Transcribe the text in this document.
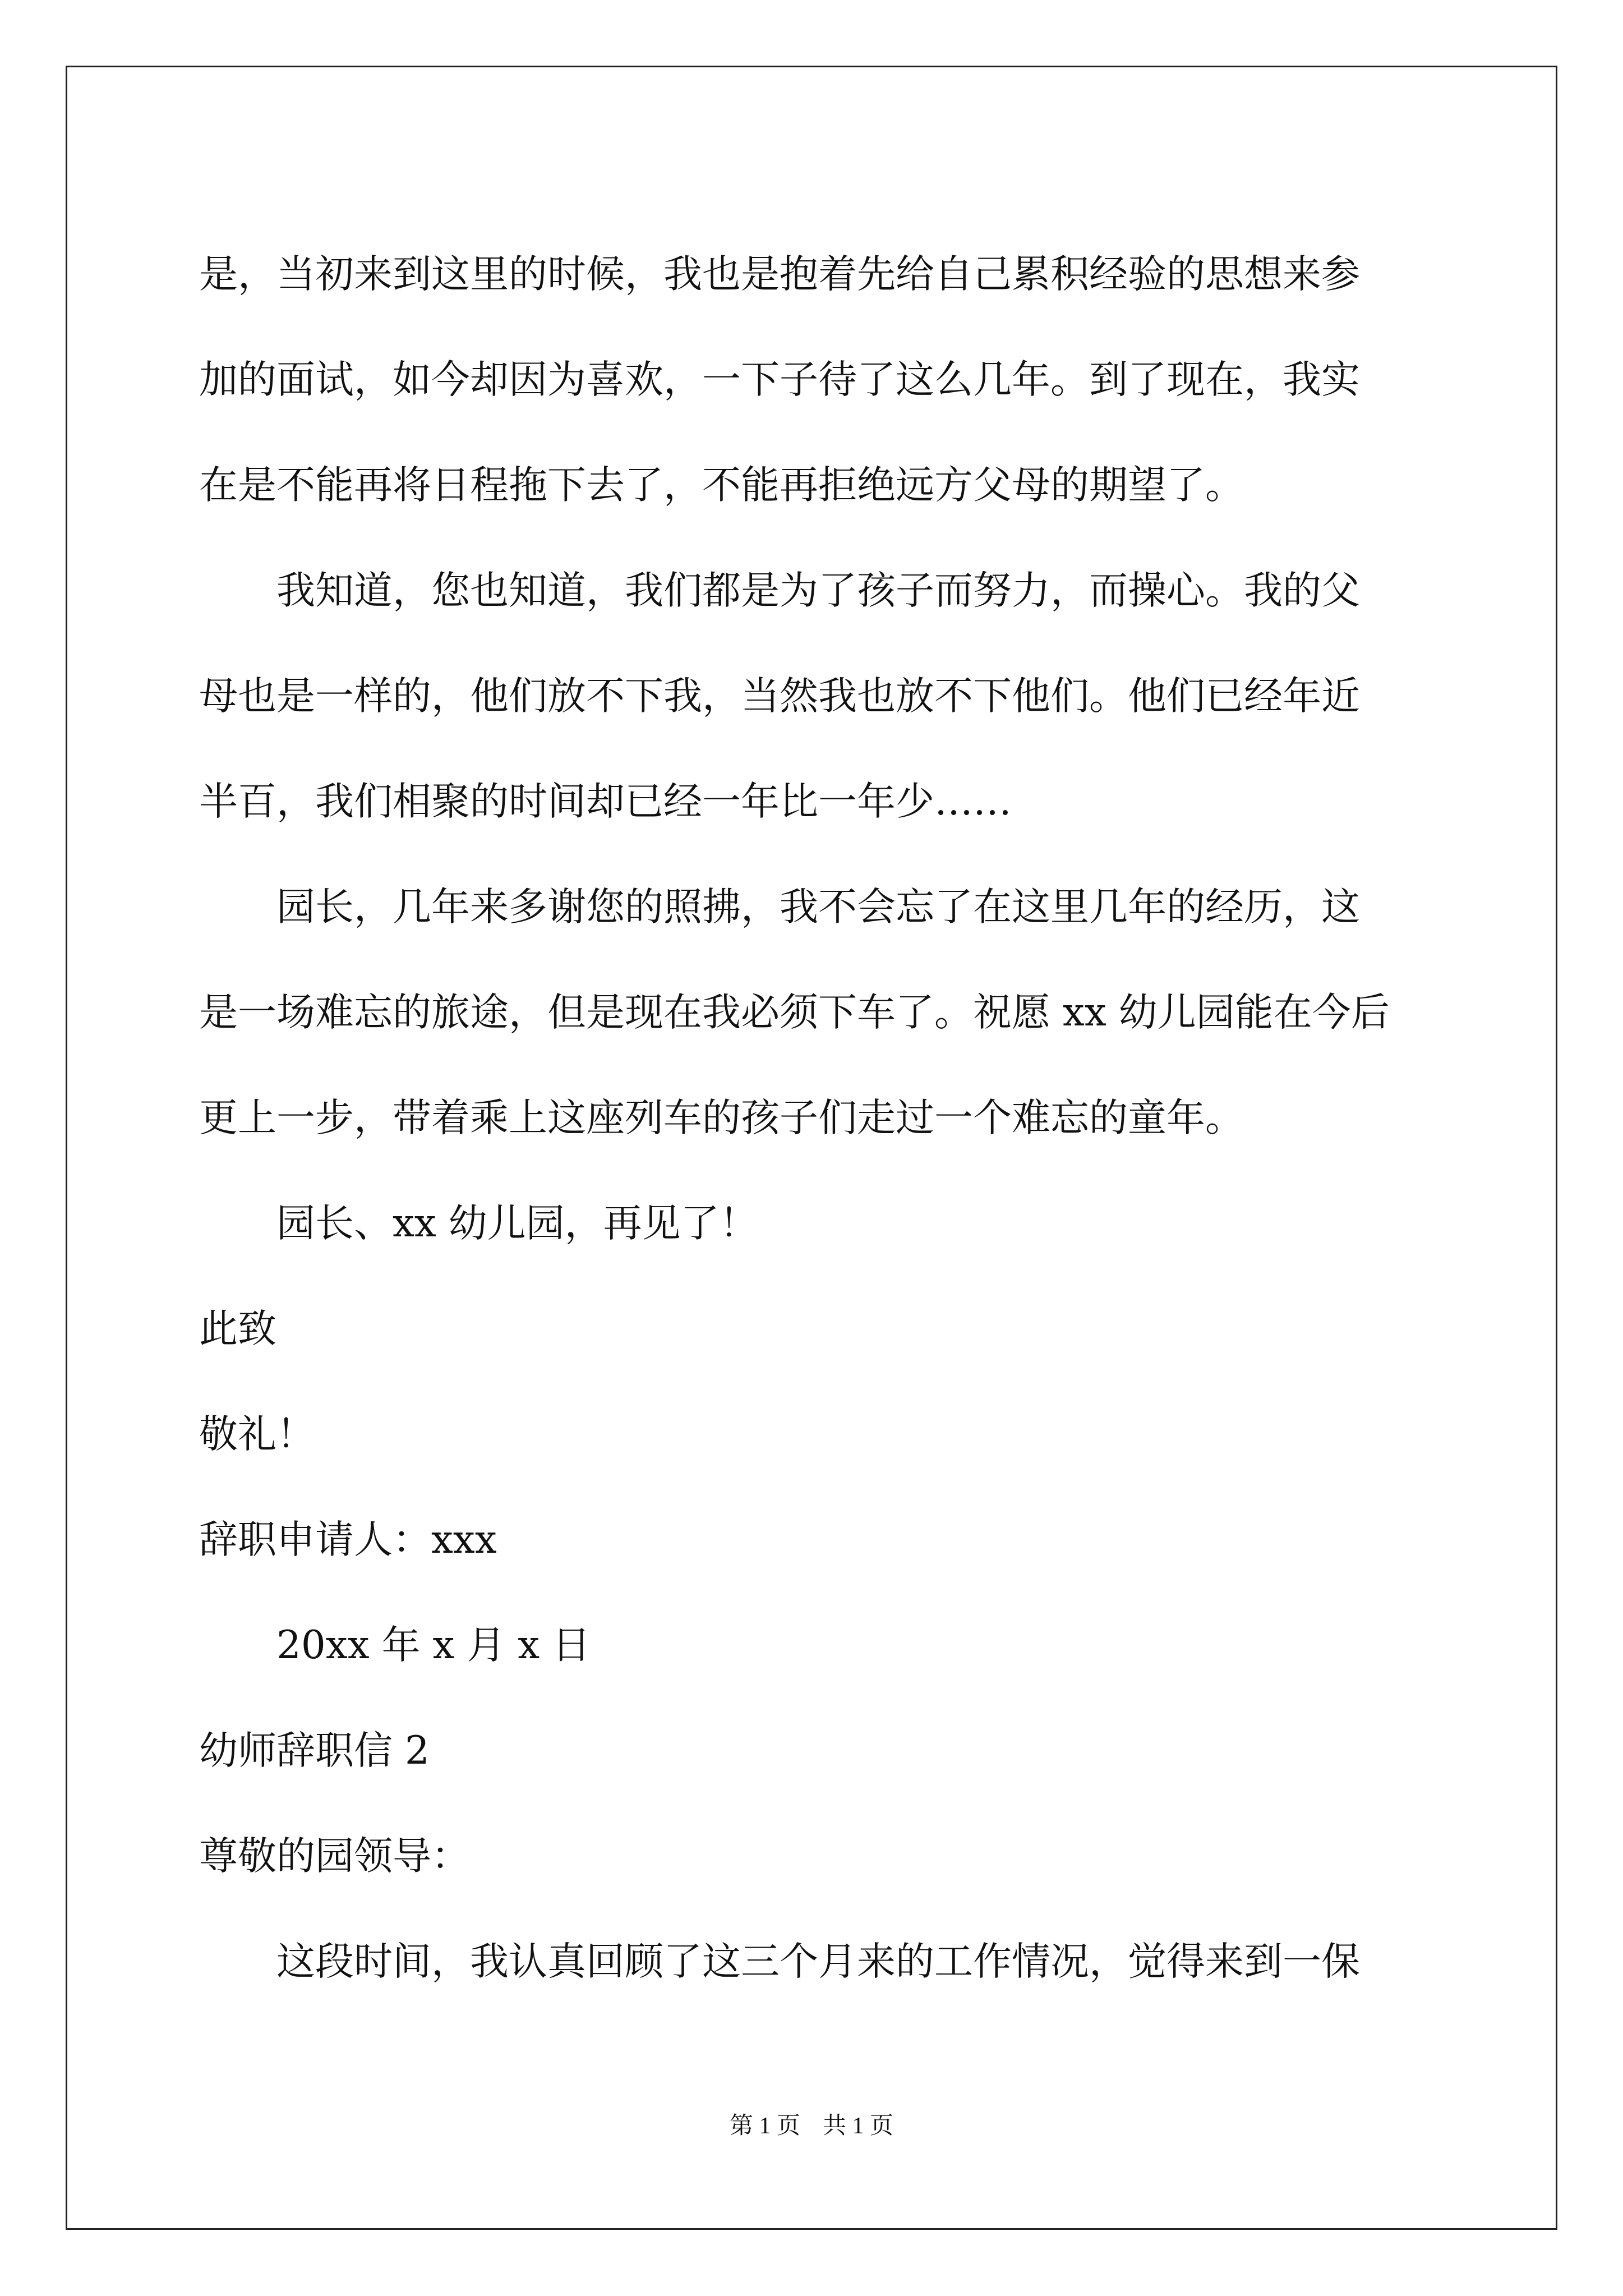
是，当初来到这里的时候，我也是抱着先给自己累积经验的思想来参

加的面试，如今却因为喜欢，一下子待了这么几年。到了现在，我实

在是不能再将日程拖下去了，不能再拒绝远方父母的期望了。

　　我知道，您也知道，我们都是为了孩子而努力，而操心。我的父

母也是一样的，他们放不下我，当然我也放不下他们。他们已经年近

半百，我们相聚的时间却已经一年比一年少……

　　园长，几年来多谢您的照拂，我不会忘了在这里几年的经历，这

是一场难忘的旅途，但是现在我必须下车了。祝愿 xx 幼儿园能在今后

更上一步，带着乘上这座列车的孩子们走过一个难忘的童年。

　　园长、xx 幼儿园，再见了！

此致

敬礼！

辞职申请人：xxx

　　20xx 年 x 月 x 日

幼师辞职信 2

尊敬的园领导：

　　这段时间，我认真回顾了这三个月来的工作情况，觉得来到一保

第 1 页 共 1 页
